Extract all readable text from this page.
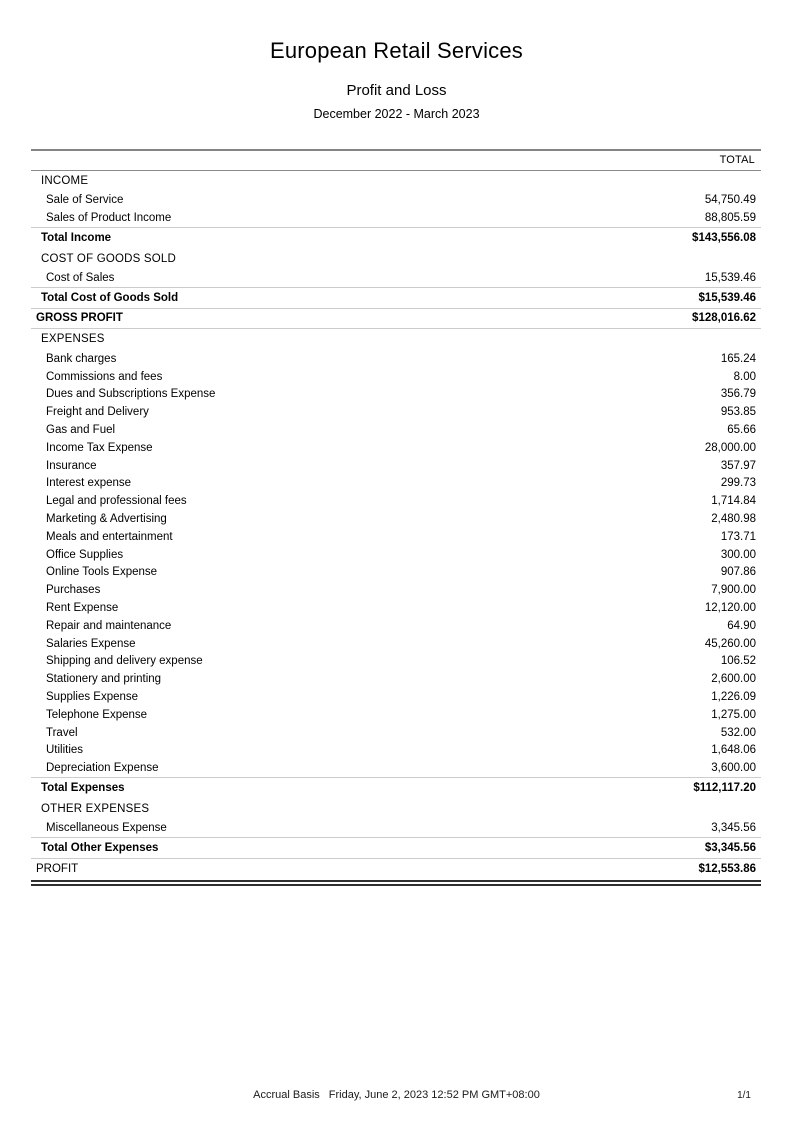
European Retail Services
Profit and Loss
December 2022 - March 2023
TOTAL
INCOME
Sale of Service	54,750.49
Sales of Product Income	88,805.59
Total Income	$143,556.08
COST OF GOODS SOLD
Cost of Sales	15,539.46
Total Cost of Goods Sold	$15,539.46
GROSS PROFIT	$128,016.62
EXPENSES
Bank charges	165.24
Commissions and fees	8.00
Dues and Subscriptions Expense	356.79
Freight and Delivery	953.85
Gas and Fuel	65.66
Income Tax Expense	28,000.00
Insurance	357.97
Interest expense	299.73
Legal and professional fees	1,714.84
Marketing & Advertising	2,480.98
Meals and entertainment	173.71
Office Supplies	300.00
Online Tools Expense	907.86
Purchases	7,900.00
Rent Expense	12,120.00
Repair and maintenance	64.90
Salaries Expense	45,260.00
Shipping and delivery expense	106.52
Stationery and printing	2,600.00
Supplies Expense	1,226.09
Telephone Expense	1,275.00
Travel	532.00
Utilities	1,648.06
Depreciation Expense	3,600.00
Total Expenses	$112,117.20
OTHER EXPENSES
Miscellaneous Expense	3,345.56
Total Other Expenses	$3,345.56
PROFIT	$12,553.86
Accrual Basis Friday, June 2, 2023 12:52 PM GMT+08:00	1/1
